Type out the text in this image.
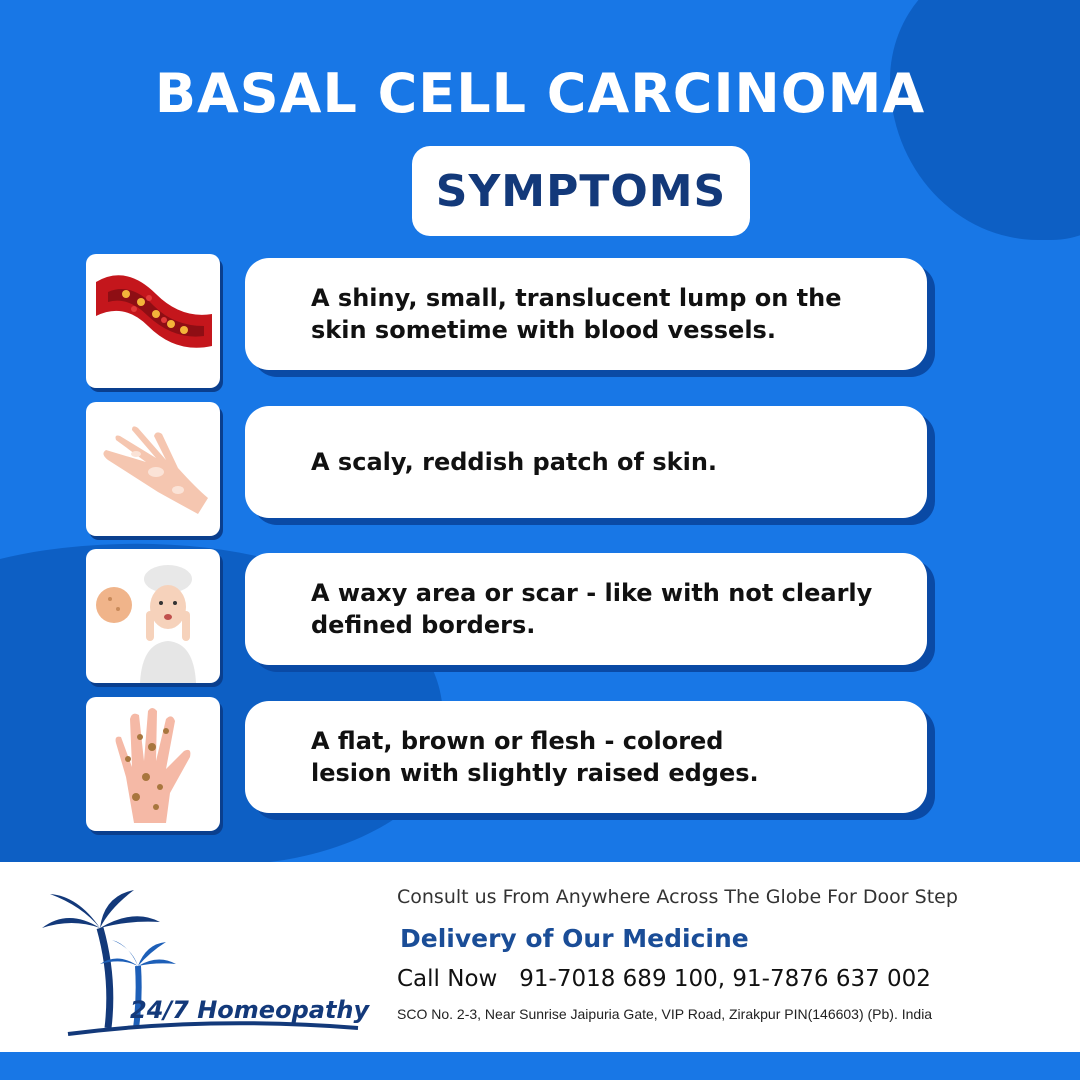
BASAL CELL CARCINOMA
SYMPTOMS

A shiny, small, translucent lump on the
skin sometime with blood vessels.

A scaly, reddish patch of skin.

A waxy area or scar - like with not clearly
defined borders.

A flat, brown or flesh - colored
lesion with slightly raised edges.

24/7 Homeopathy
Consult us From Anywhere Across The Globe For Door Step
Delivery of Our Medicine
Call Now   91-7018 689 100, 91-7876 637 002
SCO No. 2-3, Near Sunrise Jaipuria Gate, VIP Road, Zirakpur PIN(146603) (Pb). India
